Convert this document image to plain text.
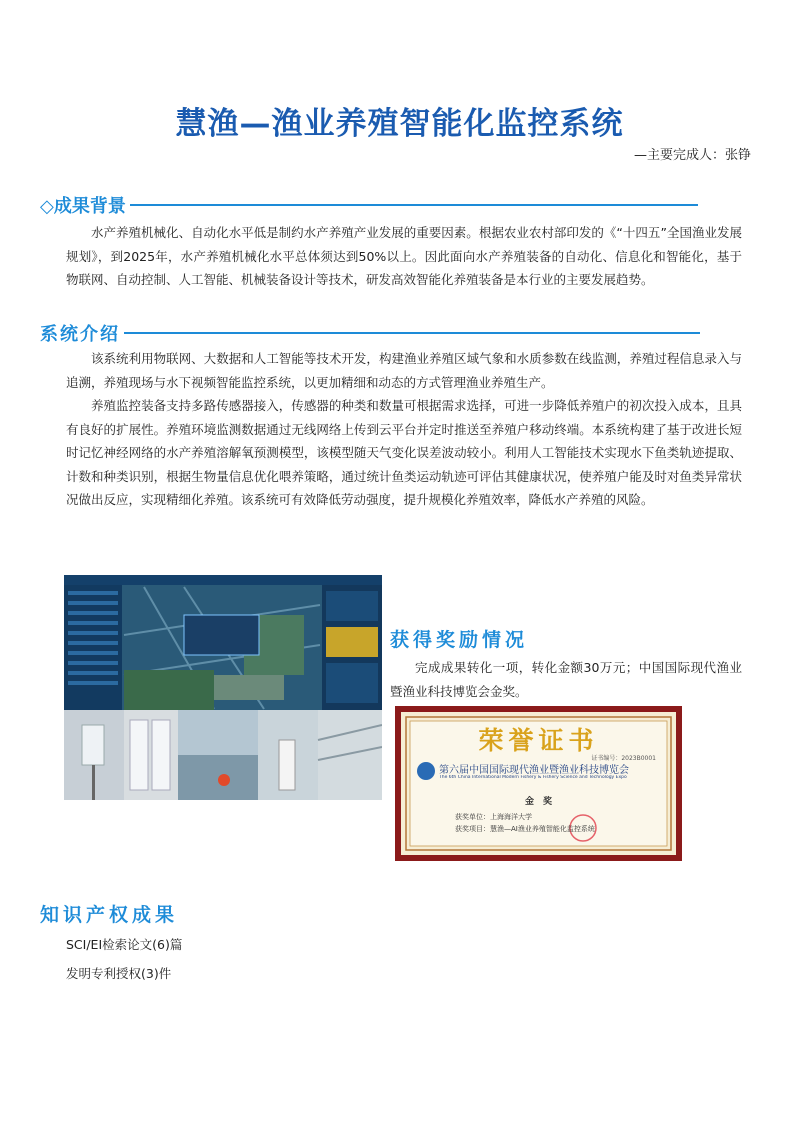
慧渔—渔业养殖智能化监控系统
—主要完成人：张铮
◇成果背景

水产养殖机械化、自动化水平低是制约水产养殖产业发展的重要因素。根据农业农村部印发的《“十四五”全国渔业发展规划》，到2025年，水产养殖机械化水平总体须达到50%以上。因此面向水产养殖装备的自动化、信息化和智能化，基于物联网、自动控制、人工智能、机械装备设计等技术，研发高效智能化养殖装备是本行业的主要发展趋势。

系统介绍

该系统利用物联网、大数据和人工智能等技术开发，构建渔业养殖区域气象和水质参数在线监测，养殖过程信息录入与追溯，养殖现场与水下视频智能监控系统，以更加精细和动态的方式管理渔业养殖生产。

养殖监控装备支持多路传感器接入，传感器的种类和数量可根据需求选择，可进一步降低养殖户的初次投入成本，且具有良好的扩展性。养殖环境监测数据通过无线网络上传到云平台并定时推送至养殖户移动终端。本系统构建了基于改进长短时记忆神经网络的水产养殖溶解氧预测模型，该模型随天气变化误差波动较小。利用人工智能技术实现水下鱼类轨迹提取、计数和种类识别，根据生物量信息优化喂养策略，通过统计鱼类运动轨迹可评估其健康状况，使养殖户能及时对鱼类异常状况做出反应，实现精细化养殖。该系统可有效降低劳动强度，提升规模化养殖效率，降低水产养殖的风险。

获得奖励情况

完成成果转化一项，转化金额30万元；中国国际现代渔业暨渔业科技博览会金奖。

荣誉证书
证书编号：2023B0001
第六届中国国际现代渔业暨渔业科技博览会
The 6th China International Modern Fishery & Fishery Science and Technology Expo
金　奖
获奖单位：上海海洋大学
获奖项目：慧渔—AI渔业养殖智能化监控系统
知识产权成果
SCI/EI检索论文(6)篇
发明专利授权(3)件
